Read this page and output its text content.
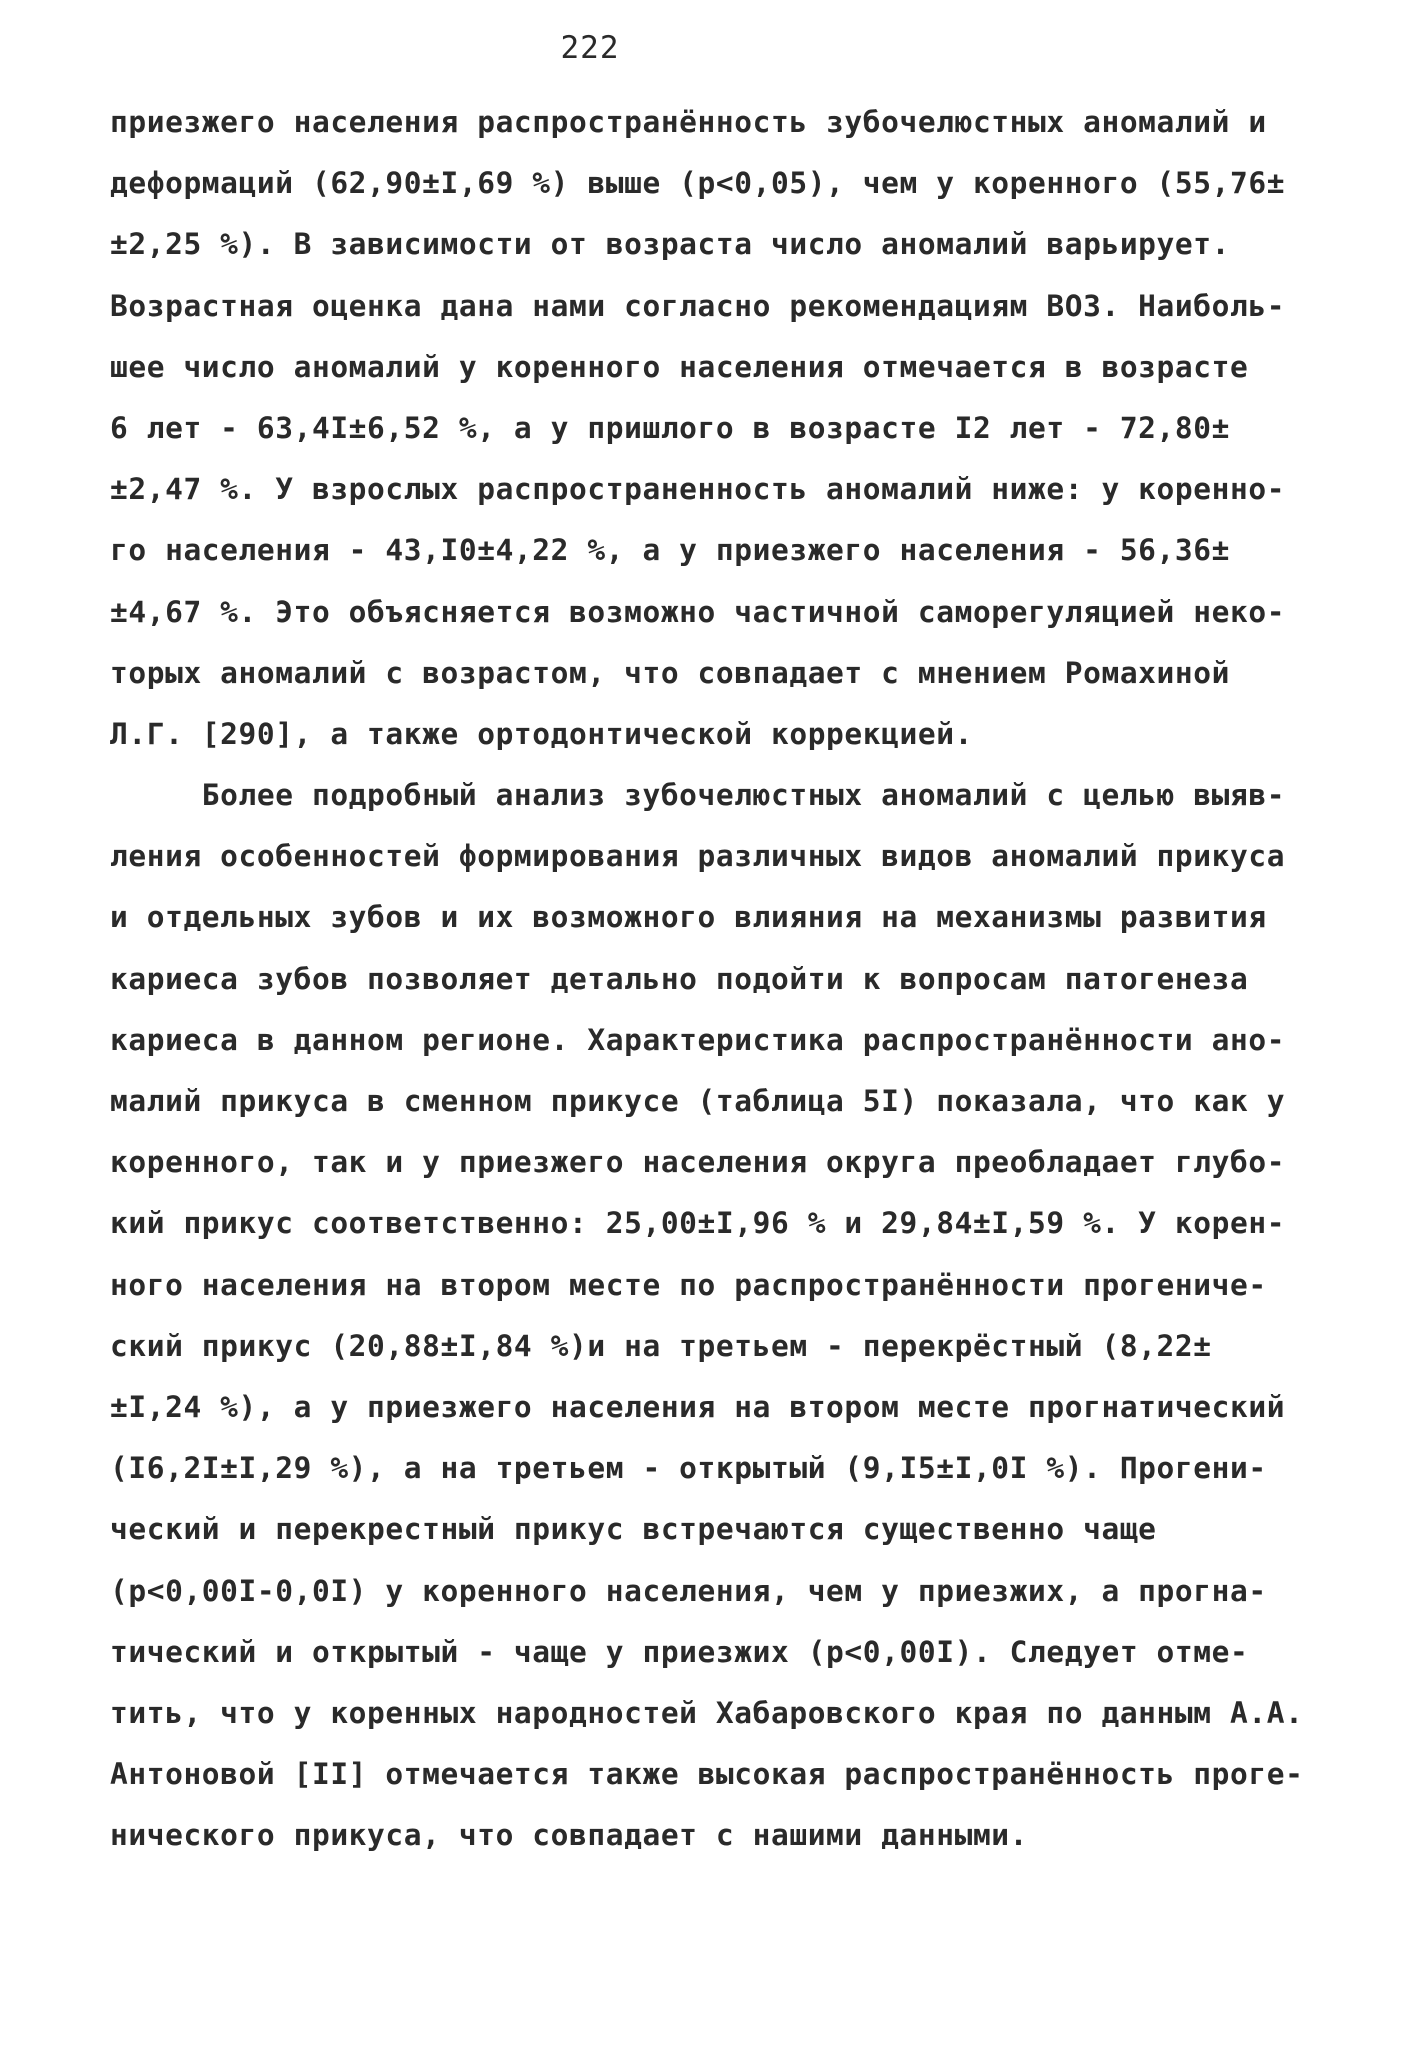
222
приезжего населения распространённость зубочелюстных аномалий и
деформаций (62,90±I,69 %) выше (р<0,05), чем у коренного (55,76±
±2,25 %). В зависимости от возраста число аномалий варьирует.
Возрастная оценка дана нами согласно рекомендациям ВОЗ. Наиболь-
шее число аномалий у коренного населения отмечается в возрасте
6 лет - 63,4I±6,52 %, а у пришлого в возрасте I2 лет - 72,80±
±2,47 %. У взрослых распространенность аномалий ниже: у коренно-
го населения - 43,I0±4,22 %, а у приезжего населения - 56,36±
±4,67 %. Это объясняется возможно частичной саморегуляцией неко-
торых аномалий с возрастом, что совпадает с мнением Ромахиной
Л.Г. [290], а также ортодонтической коррекцией.
Более подробный анализ зубочелюстных аномалий с целью выяв-
ления особенностей формирования различных видов аномалий прикуса
и отдельных зубов и их возможного влияния на механизмы развития
кариеса зубов позволяет детально подойти к вопросам патогенеза
кариеса в данном регионе. Характеристика распространённости ано-
малий прикуса в сменном прикусе (таблица 5I) показала, что как у
коренного, так и у приезжего населения округа преобладает глубо-
кий прикус соответственно: 25,00±I,96 % и 29,84±I,59 %. У корен-
ного населения на втором месте по распространённости прогеничe-
ский прикус (20,88±I,84 %)и на третьем - перекрёстный (8,22±
±I,24 %), а у приезжего населения на втором месте прогнатический
(I6,2I±I,29 %), а на третьем - открытый (9,I5±I,0I %). Прогени-
ческий и перекрестный прикус встречаются существенно чаще
(р<0,00I-0,0I) у коренного населения, чем у приезжих, а прогна-
тический и открытый - чаще у приезжих (р<0,00I). Следует отме-
тить, что у коренных народностей Хабаровского края по данным А.А.
Антоновой [II] отмечается также высокая распространённость проге-
нического прикуса, что совпадает с нашими данными.
